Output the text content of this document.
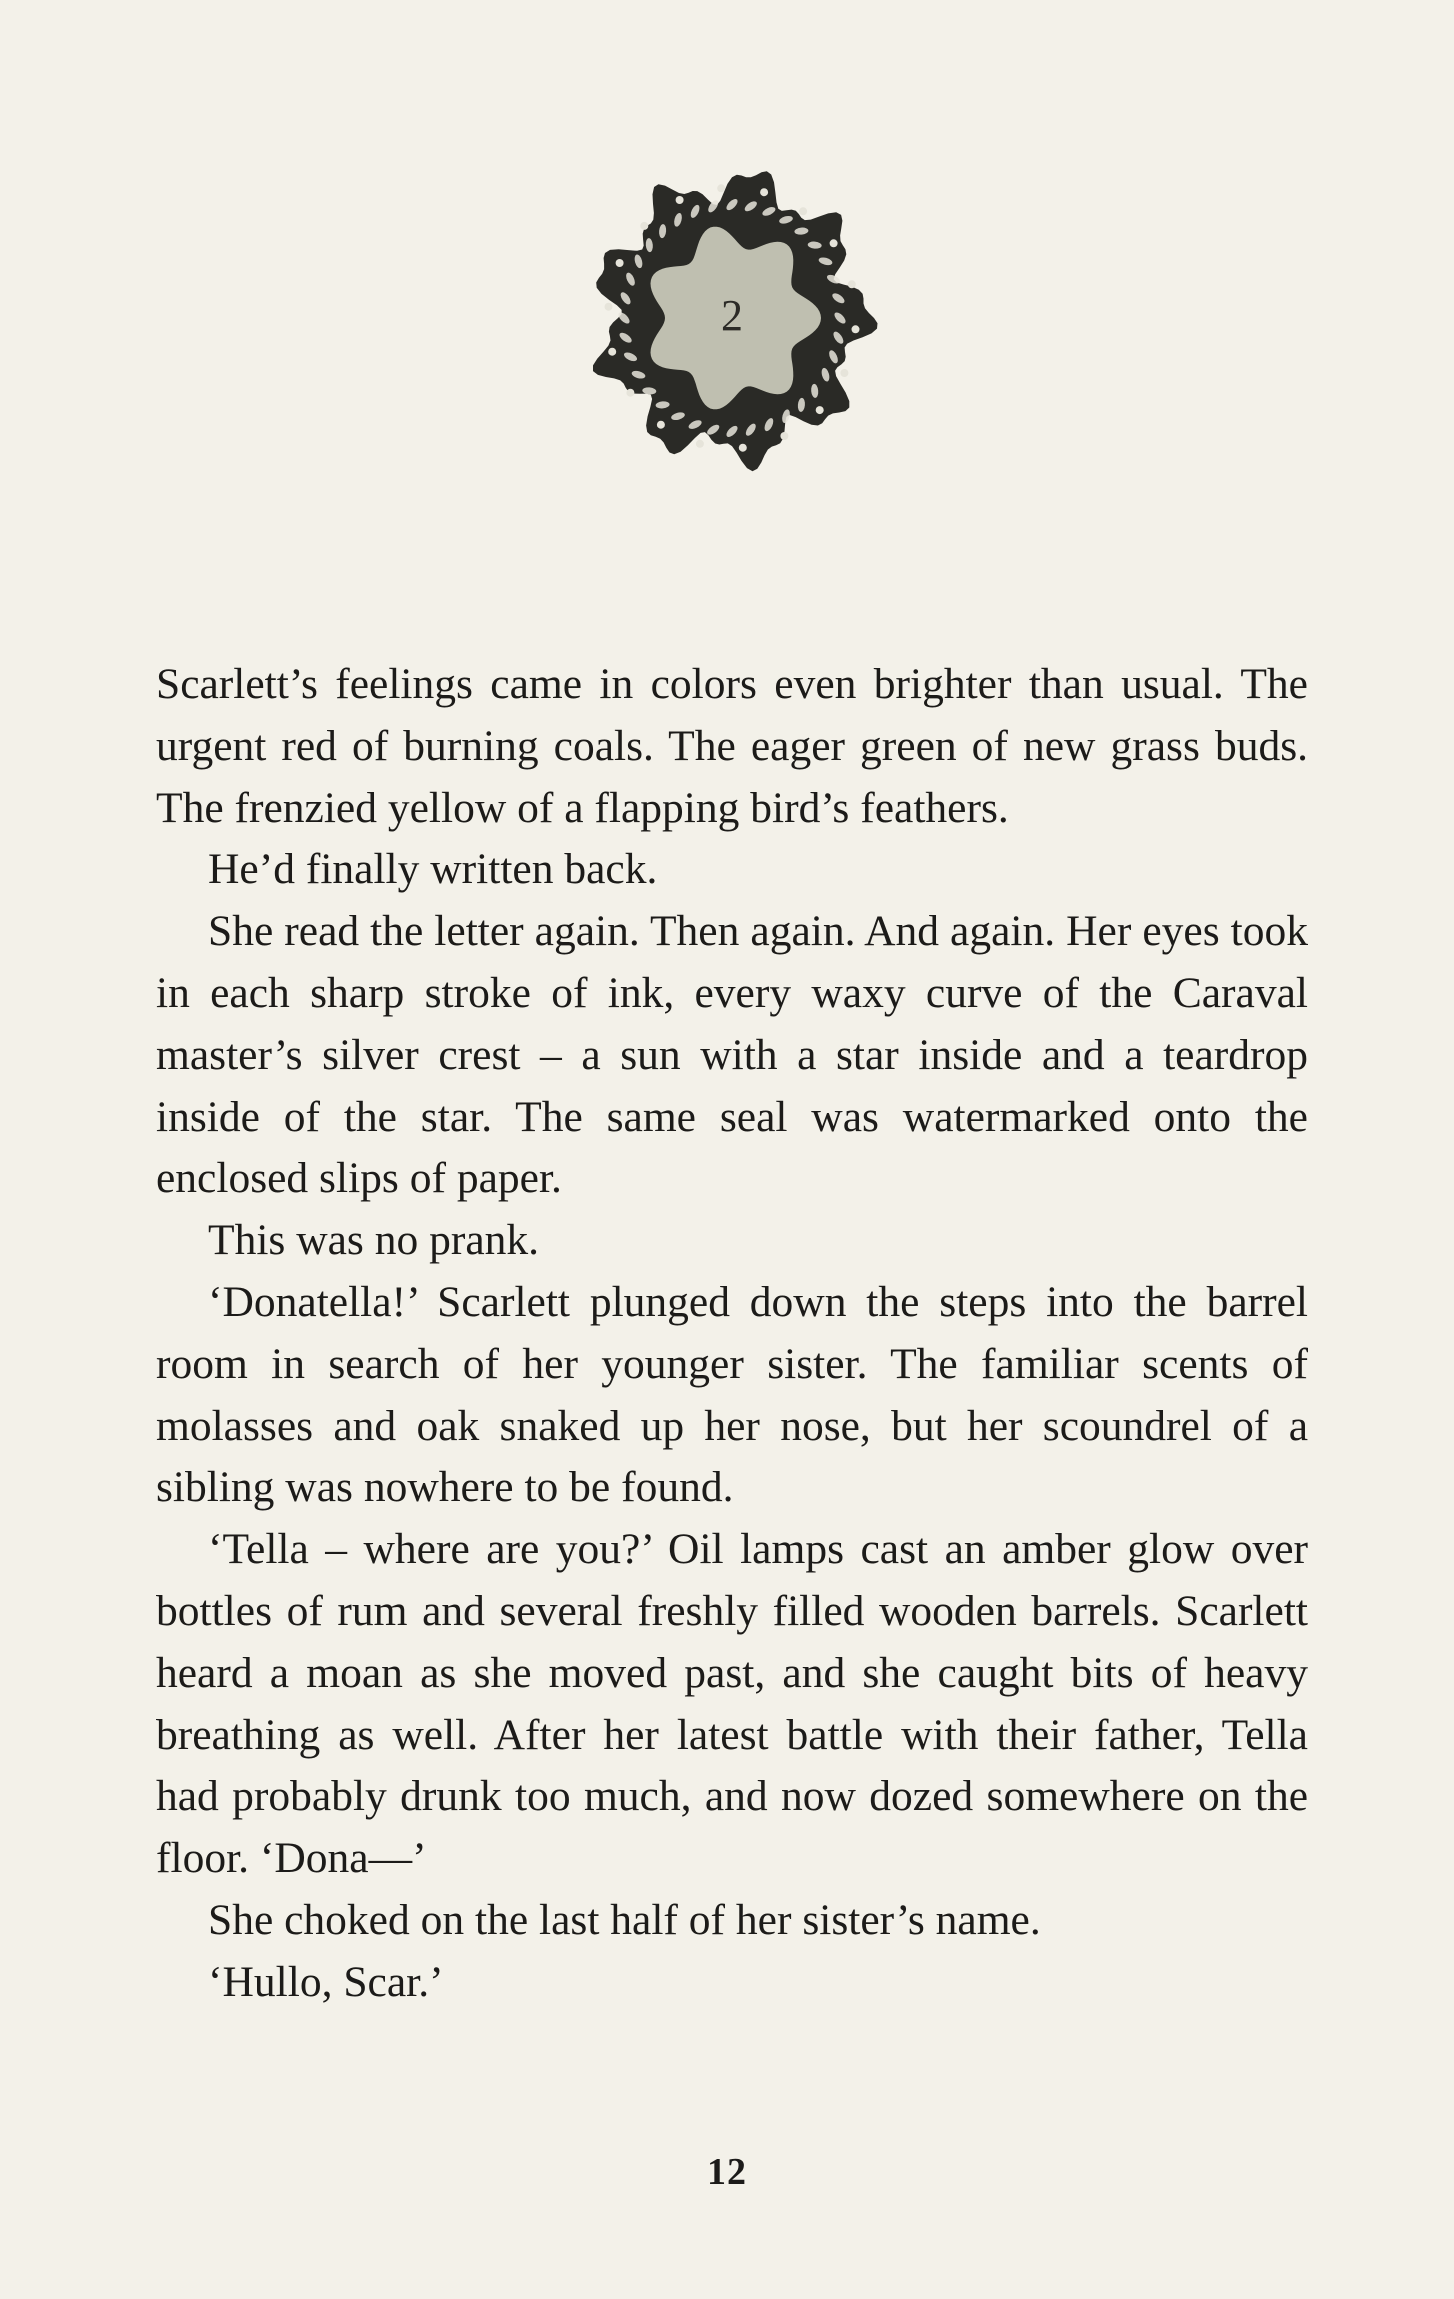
2

Scarlett’s feelings came in colors even brighter than usual. The urgent red of burning coals. The eager green of new grass buds. The frenzied yellow of a flapping bird’s feathers.

He’d finally written back.

She read the letter again. Then again. And again. Her eyes took in each sharp stroke of ink, every waxy curve of the Caraval master’s silver crest – a sun with a star inside and a teardrop inside of the star. The same seal was watermarked onto the enclosed slips of paper.

This was no prank.

‘Donatella!’ Scarlett plunged down the steps into the barrel room in search of her younger sister. The familiar scents of molasses and oak snaked up her nose, but her scoundrel of a sibling was nowhere to be found.

‘Tella – where are you?’ Oil lamps cast an amber glow over bottles of rum and several freshly filled wooden barrels. Scarlett heard a moan as she moved past, and she caught bits of heavy breathing as well. After her latest battle with their father, Tella had probably drunk too much, and now dozed somewhere on the floor. ‘Dona—’

She choked on the last half of her sister’s name.

‘Hullo, Scar.’

12
